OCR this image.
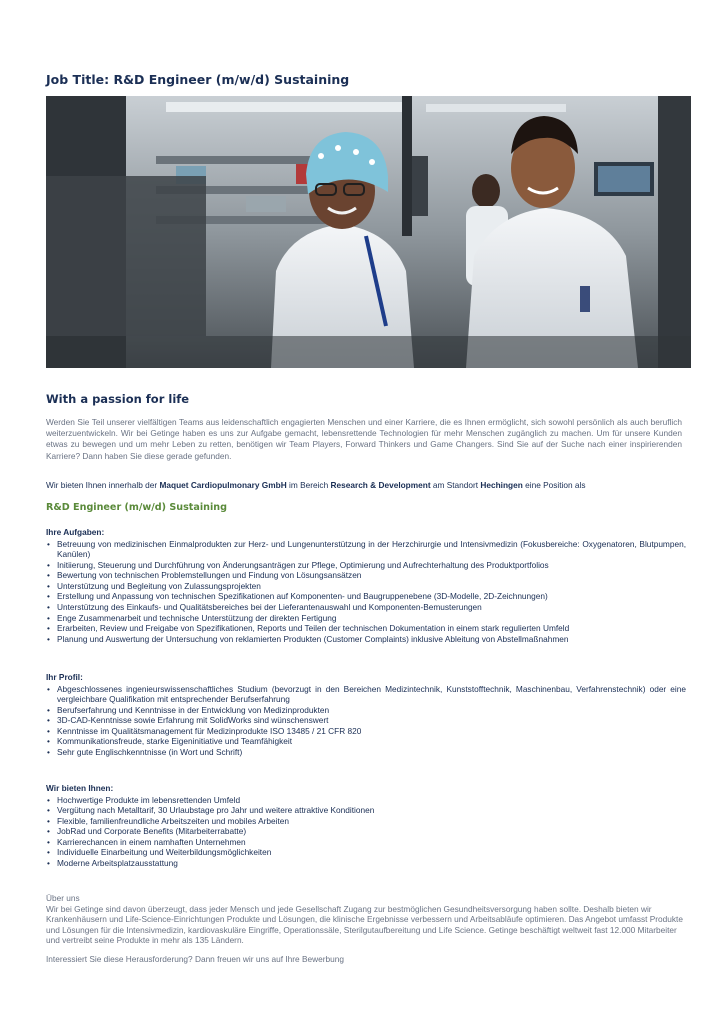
Job Title: R&D Engineer (m/w/d) Sustaining
With a passion for life

Werden Sie Teil unserer vielfältigen Teams aus leidenschaftlich engagierten Menschen und einer Karriere, die es Ihnen ermöglicht, sich sowohl persönlich als auch beruflich weiterzuentwickeln. Wir bei Getinge haben es uns zur Aufgabe gemacht, lebensrettende Technologien für mehr Menschen zugänglich zu machen. Um für unsere Kunden etwas zu bewegen und um mehr Leben zu retten, benötigen wir Team Players, Forward Thinkers und Game Changers. Sind Sie auf der Suche nach einer inspirierenden Karriere? Dann haben Sie diese gerade gefunden.

Wir bieten Ihnen innerhalb der Maquet Cardiopulmonary GmbH im Bereich Research & Development am Standort Hechingen eine Position als

R&D Engineer (m/w/d) Sustaining
Ihre Aufgaben:
• Betreuung von medizinischen Einmalprodukten zur Herz- und Lungenunterstützung in der Herzchirurgie und Intensivmedizin (Fokusbereiche: Oxygenatoren, Blutpumpen, Kanülen)
• Initiierung, Steuerung und Durchführung von Änderungsanträgen zur Pflege, Optimierung und Aufrechterhaltung des Produktportfolios
• Bewertung von technischen Problemstellungen und Findung von Lösungsansätzen
• Unterstützung und Begleitung von Zulassungsprojekten
• Erstellung und Anpassung von technischen Spezifikationen auf Komponenten- und Baugruppenebene (3D-Modelle, 2D-Zeichnungen)
• Unterstützung des Einkaufs- und Qualitätsbereiches bei der Lieferantenauswahl und Komponenten-Bemusterungen
• Enge Zusammenarbeit und technische Unterstützung der direkten Fertigung
• Erarbeiten, Review und Freigabe von Spezifikationen, Reports und Teilen der technischen Dokumentation in einem stark regulierten Umfeld
• Planung und Auswertung der Untersuchung von reklamierten Produkten (Customer Complaints) inklusive Ableitung von Abstellmaßnahmen
Ihr Profil:
• Abgeschlossenes ingenieurswissenschaftliches Studium (bevorzugt in den Bereichen Medizintechnik, Kunststofftechnik, Maschinenbau, Verfahrenstechnik) oder eine vergleichbare Qualifikation mit entsprechender Berufserfahrung
• Berufserfahrung und Kenntnisse in der Entwicklung von Medizinprodukten
• 3D-CAD-Kenntnisse sowie Erfahrung mit SolidWorks sind wünschenswert
• Kenntnisse im Qualitätsmanagement für Medizinprodukte ISO 13485 / 21 CFR 820
• Kommunikationsfreude, starke Eigeninitiative und Teamfähigkeit
• Sehr gute Englischkenntnisse (in Wort und Schrift)
Wir bieten Ihnen:
• Hochwertige Produkte im lebensrettenden Umfeld
• Vergütung nach Metalltarif, 30 Urlaubstage pro Jahr und weitere attraktive Konditionen
• Flexible, familienfreundliche Arbeitszeiten und mobiles Arbeiten
• JobRad und Corporate Benefits (Mitarbeiterrabatte)
• Karrierechancen in einem namhaften Unternehmen
• Individuelle Einarbeitung und Weiterbildungsmöglichkeiten
• Moderne Arbeitsplatzausstattung
Über uns

Wir bei Getinge sind davon überzeugt, dass jeder Mensch und jede Gesellschaft Zugang zur bestmöglichen Gesundheitsversorgung haben sollte. Deshalb bieten wir Krankenhäusern und Life-Science-Einrichtungen Produkte und Lösungen, die klinische Ergebnisse verbessern und Arbeitsabläufe optimieren. Das Angebot umfasst Produkte und Lösungen für die Intensivmedizin, kardiovaskuläre Eingriffe, Operationssäle, Sterilgutaufbereitung und Life Science. Getinge beschäftigt weltweit fast 12.000 Mitarbeiter und vertreibt seine Produkte in mehr als 135 Ländern.

Interessiert Sie diese Herausforderung? Dann freuen wir uns auf Ihre Bewerbung
